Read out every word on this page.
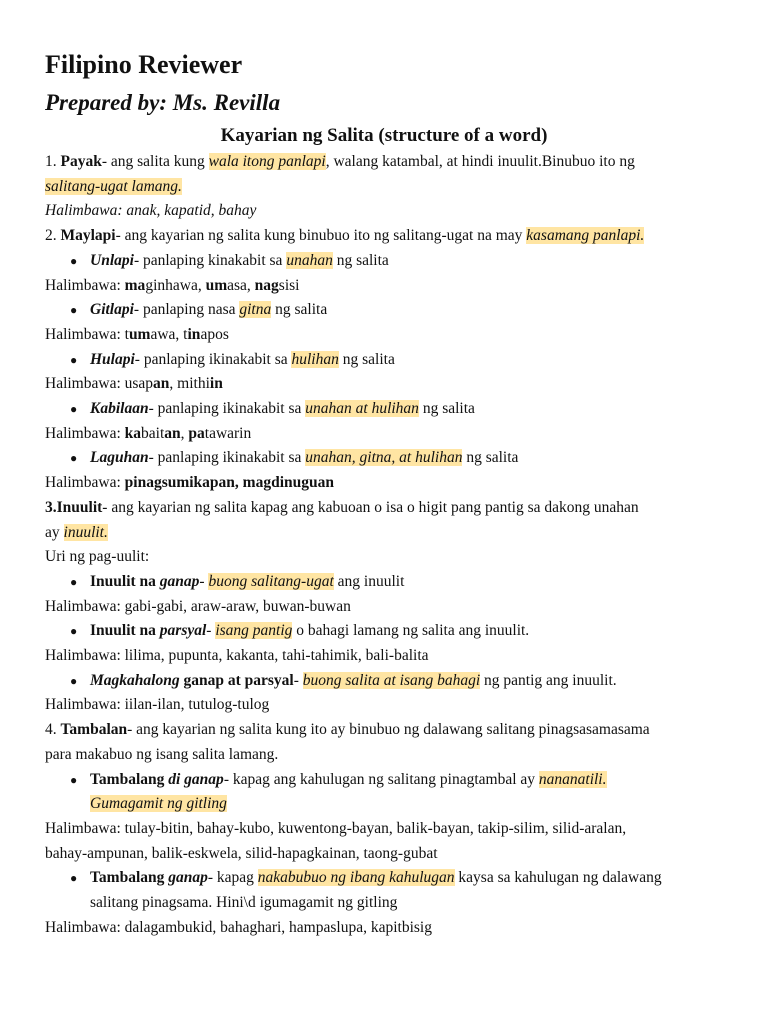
Filipino Reviewer
Prepared by: Ms. Revilla
Kayarian ng Salita (structure of a word)
1. Payak- ang salita kung wala itong panlapi, walang katambal, at hindi inuulit.Binubuo ito ng
salitang-ugat lamang.
Halimbawa: anak, kapatid, bahay
2. Maylapi- ang kayarian ng salita kung binubuo ito ng salitang-ugat na may kasamang panlapi.
● Unlapi- panlaping kinakabit sa unahan ng salita
Halimbawa: maginhawa, umasa, nagsisi
● Gitlapi- panlaping nasa gitna ng salita
Halimbawa: tumawa, tinapos
● Hulapi- panlaping ikinakabit sa hulihan ng salita
Halimbawa: usapan, mithiin
● Kabilaan- panlaping ikinakabit sa unahan at hulihan ng salita
Halimbawa: kabaitan, patawarin
● Laguhan- panlaping ikinakabit sa unahan, gitna, at hulihan ng salita
Halimbawa: pinagsumikapan, magdinuguan
3.Inuulit- ang kayarian ng salita kapag ang kabuoan o isa o higit pang pantig sa dakong unahan
ay inuulit.
Uri ng pag-uulit:
● Inuulit na ganap- buong salitang-ugat ang inuulit
Halimbawa: gabi-gabi, araw-araw, buwan-buwan
● Inuulit na parsyal- isang pantig o bahagi lamang ng salita ang inuulit.
Halimbawa: lilima, pupunta, kakanta, tahi-tahimik, bali-balita
● Magkahalong ganap at parsyal- buong salita at isang bahagi ng pantig ang inuulit.
Halimbawa: iilan-ilan, tutulog-tulog
4. Tambalan- ang kayarian ng salita kung ito ay binubuo ng dalawang salitang pinagsasamasama
para makabuo ng isang salita lamang.
● Tambalang di ganap- kapag ang kahulugan ng salitang pinagtambal ay nananatili.
Gumagamit ng gitling
Halimbawa: tulay-bitin, bahay-kubo, kuwentong-bayan, balik-bayan, takip-silim, silid-aralan,
bahay-ampunan, balik-eskwela, silid-hapagkainan, taong-gubat
● Tambalang ganap- kapag nakabubuo ng ibang kahulugan kaysa sa kahulugan ng dalawang
salitang pinagsama. Hini\d igumagamit ng gitling
Halimbawa: dalagambukid, bahaghari, hampaslupa, kapitbisig
